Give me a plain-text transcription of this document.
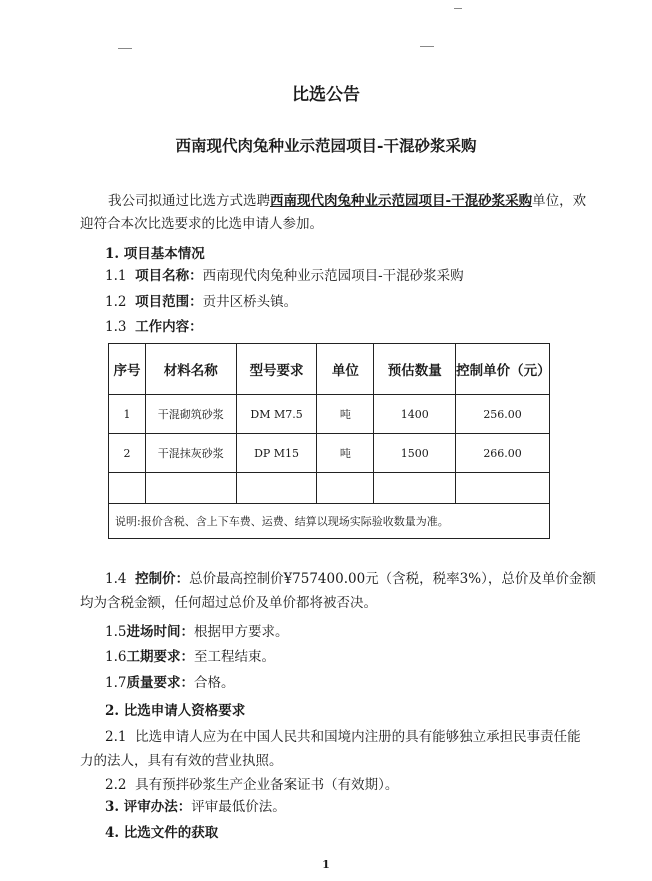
比选公告
西南现代肉兔种业示范园项目-干混砂浆采购
我公司拟通过比选方式选聘西南现代肉兔种业示范园项目-干混砂浆采购单位，欢
迎符合本次比选要求的比选申请人参加。
1. 项目基本情况
1.1 项目名称：西南现代肉兔种业示范园项目-干混砂浆采购
1.2 项目范围：贡井区桥头镇。
1.3 工作内容：
序号	材料名称	型号要求	单位	预估数量	控制单价（元）
1	干混砌筑砂浆	DM M7.5	吨	1400	256.00
2	干混抹灰砂浆	DP M15	吨	1500	266.00

说明:报价含税、含上下车费、运费、结算以现场实际验收数量为准。					
1.4 控制价：总价最高控制价¥757400.00元（含税，税率3%），总价及单价金额
均为含税金额，任何超过总价及单价都将被否决。
1.5进场时间：根据甲方要求。
1.6工期要求：至工程结束。
1.7质量要求：合格。
2. 比选申请人资格要求
2.1 比选申请人应为在中国人民共和国境内注册的具有能够独立承担民事责任能
力的法人，具有有效的营业执照。
2.2 具有预拌砂浆生产企业备案证书（有效期）。
3. 评审办法：评审最低价法。
4. 比选文件的获取
1
